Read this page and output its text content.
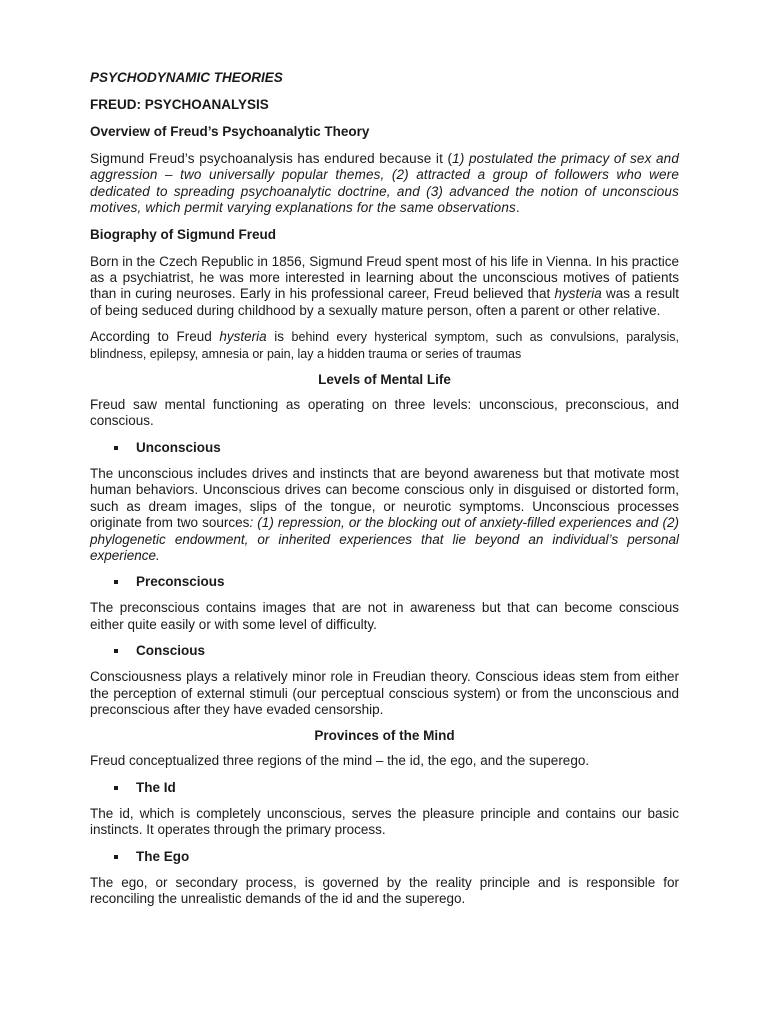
PSYCHODYNAMIC THEORIES
FREUD: PSYCHOANALYSIS
Overview of Freud’s Psychoanalytic Theory

Sigmund Freud’s psychoanalysis has endured because it (1) postulated the primacy of sex and aggression – two universally popular themes, (2) attracted a group of followers who were dedicated to spreading psychoanalytic doctrine, and (3) advanced the notion of unconscious motives, which permit varying explanations for the same observations.

Biography of Sigmund Freud

Born in the Czech Republic in 1856, Sigmund Freud spent most of his life in Vienna. In his practice as a psychiatrist, he was more interested in learning about the unconscious motives of patients than in curing neuroses. Early in his professional career, Freud believed that hysteria was a result of being seduced during childhood by a sexually mature person, often a parent or other relative.

According to Freud hysteria is behind every hysterical symptom, such as convulsions, paralysis, blindness, epilepsy, amnesia or pain, lay a hidden trauma or series of traumas

Levels of Mental Life

Freud saw mental functioning as operating on three levels: unconscious, preconscious, and conscious.

Unconscious

The unconscious includes drives and instincts that are beyond awareness but that motivate most human behaviors. Unconscious drives can become conscious only in disguised or distorted form, such as dream images, slips of the tongue, or neurotic symptoms. Unconscious processes originate from two sources: (1) repression, or the blocking out of anxiety-filled experiences and (2) phylogenetic endowment, or inherited experiences that lie beyond an individual’s personal experience.

Preconscious

The preconscious contains images that are not in awareness but that can become conscious either quite easily or with some level of difficulty.

Conscious

Consciousness plays a relatively minor role in Freudian theory. Conscious ideas stem from either the perception of external stimuli (our perceptual conscious system) or from the unconscious and preconscious after they have evaded censorship.

Provinces of the Mind

Freud conceptualized three regions of the mind – the id, the ego, and the superego.

The Id

The id, which is completely unconscious, serves the pleasure principle and contains our basic instincts. It operates through the primary process.

The Ego

The ego, or secondary process, is governed by the reality principle and is responsible for reconciling the unrealistic demands of the id and the superego.
